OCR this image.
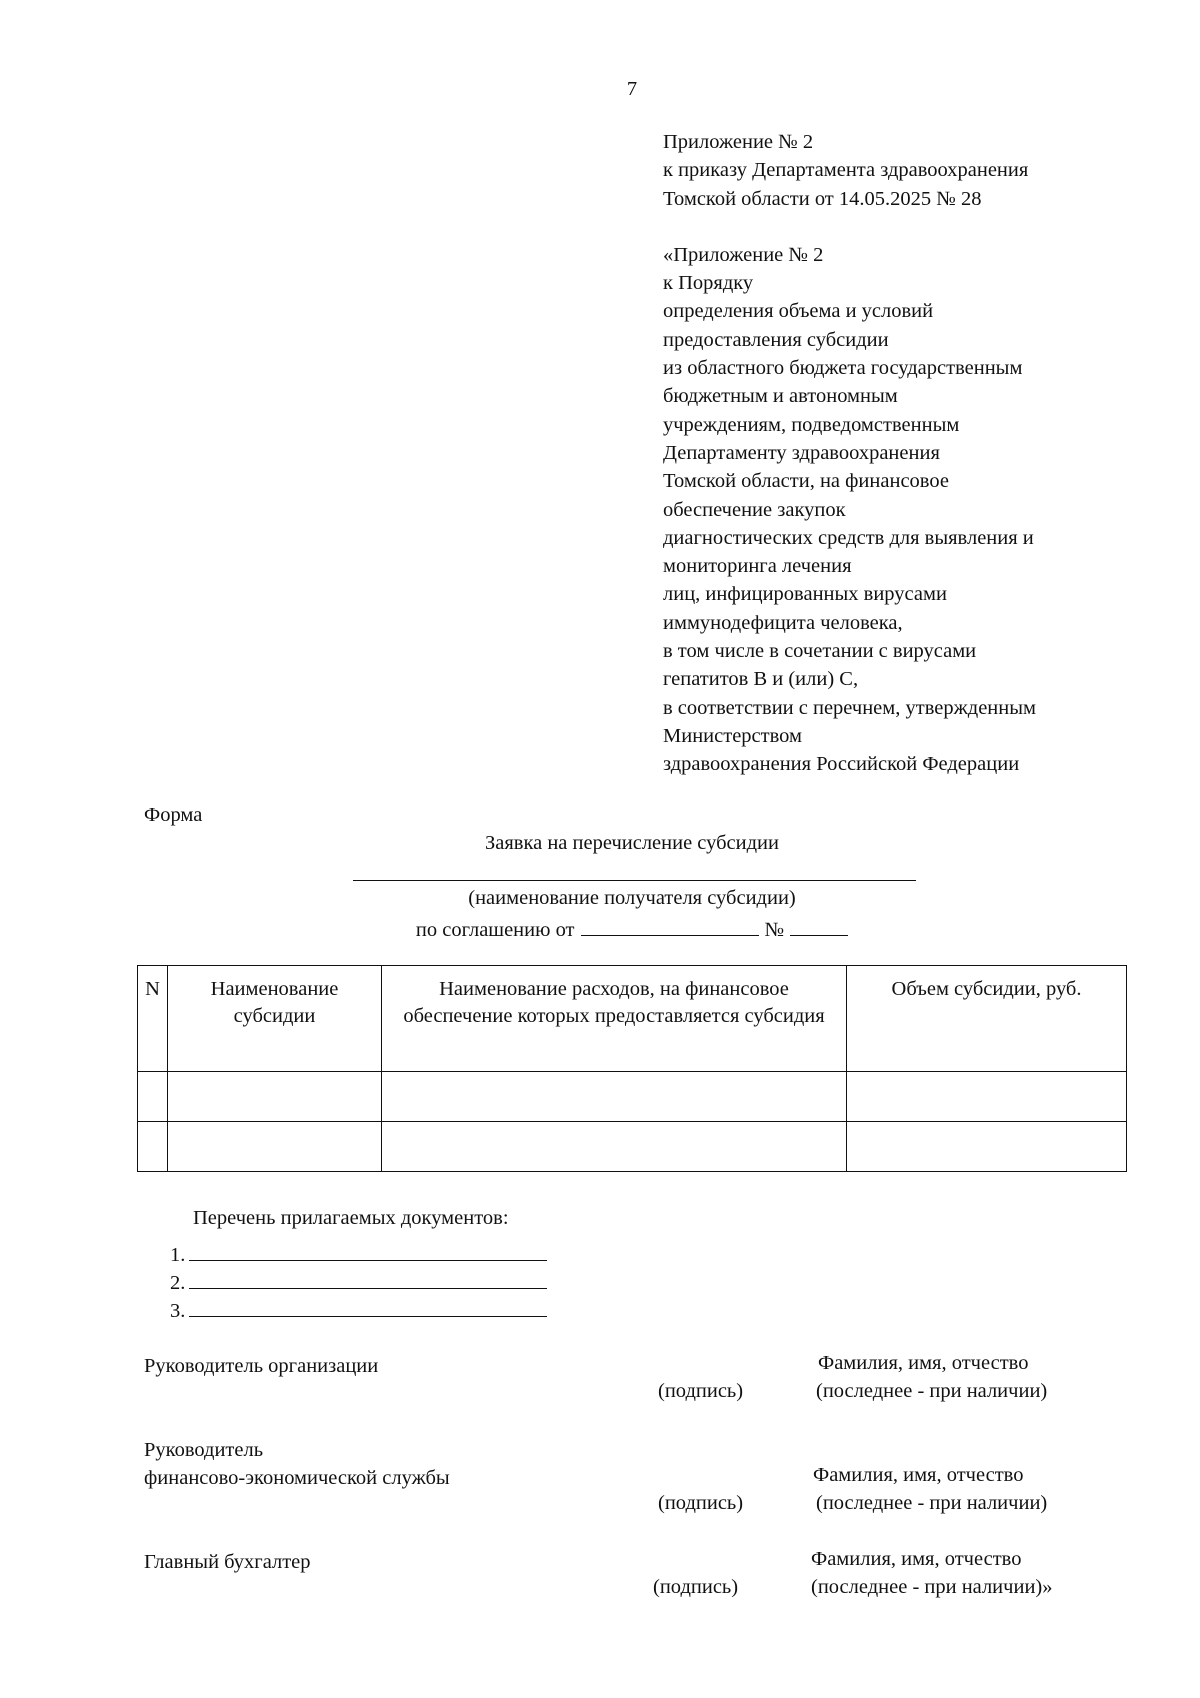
7
Приложение № 2
к приказу Департамента здравоохранения
Томской области от 14.05.2025 № 28
«Приложение № 2
к Порядку
определения объема и условий
предоставления субсидии
из областного бюджета государственным
бюджетным и автономным
учреждениям, подведомственным
Департаменту здравоохранения
Томской области, на финансовое
обеспечение закупок
диагностических средств для выявления и
мониторинга лечения
лиц, инфицированных вирусами
иммунодефицита человека,
в том числе в сочетании с вирусами
гепатитов В и (или) С,
в соответствии с перечнем, утвержденным
Министерством
здравоохранения Российской Федерации
Форма
Заявка на перечисление субсидии
(наименование получателя субсидии)
по соглашению от	№
N	Наименование субсидии	Наименование расходов, на финансовое обеспечение которых предоставляется субсидия	Объем субсидии, руб.

Перечень прилагаемых документов:
1.
2.
3.
Руководитель организации	Фамилия, имя, отчество
(подпись)	(последнее - при наличии)
Руководитель
финансово-экономической службы	Фамилия, имя, отчество
(подпись)	(последнее - при наличии)
Главный бухгалтер	Фамилия, имя, отчество
(подпись)	(последнее - при наличии)»
